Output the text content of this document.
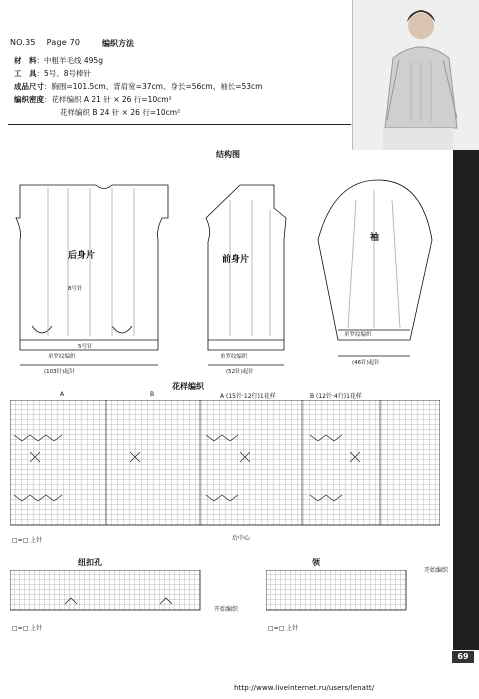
NO.35 Page 70	编织方法
材　料：中粗羊毛线 495g
工　具：5号、8号棒针
成品尺寸：胸围=101.5cm、背肩宽=37cm、身长=56cm、袖长=53cm
编织密度：花样编织 A 21 针 × 26 行=10cm²
花样编织 B 24 针 × 26 行=10cm²
结构图
后身片	前身片
袖
单罗纹编织
(103针)起针
单罗纹编织
(52针)起针
单罗纹编织
(46针)起针
8号针
5号针
花样编织
A	B	A (15针·12行)1花样	B (12针·4行)1花样
□=□ 上针	后中心
开始编织
纽扣孔
□=□ 上针
开始编织
领
□=□ 上针
69
http://www.liveinternet.ru/users/lenatt/
